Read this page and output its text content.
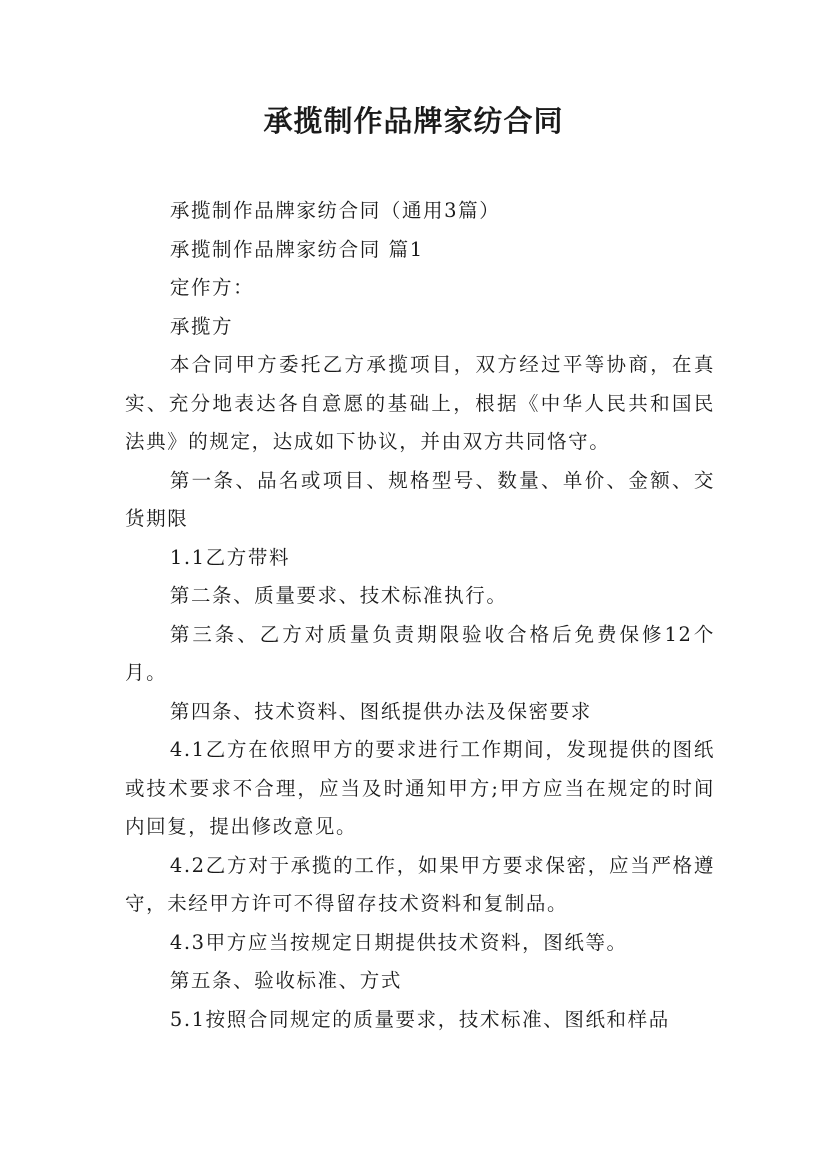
承揽制作品牌家纺合同

承揽制作品牌家纺合同（通用3篇）

承揽制作品牌家纺合同 篇1

定作方：

承揽方

本合同甲方委托乙方承揽项目，双方经过平等协商，在真实、充分地表达各自意愿的基础上，根据《中华人民共和国民法典》的规定，达成如下协议，并由双方共同恪守。

第一条、品名或项目、规格型号、数量、单价、金额、交货期限

1.1乙方带料

第二条、质量要求、技术标准执行。

第三条、乙方对质量负责期限验收合格后免费保修12个月。

第四条、技术资料、图纸提供办法及保密要求

4.1乙方在依照甲方的要求进行工作期间，发现提供的图纸或技术要求不合理，应当及时通知甲方;甲方应当在规定的时间内回复，提出修改意见。

4.2乙方对于承揽的工作，如果甲方要求保密，应当严格遵守，未经甲方许可不得留存技术资料和复制品。

4.3甲方应当按规定日期提供技术资料，图纸等。

第五条、验收标准、方式

5.1按照合同规定的质量要求，技术标准、图纸和样品
